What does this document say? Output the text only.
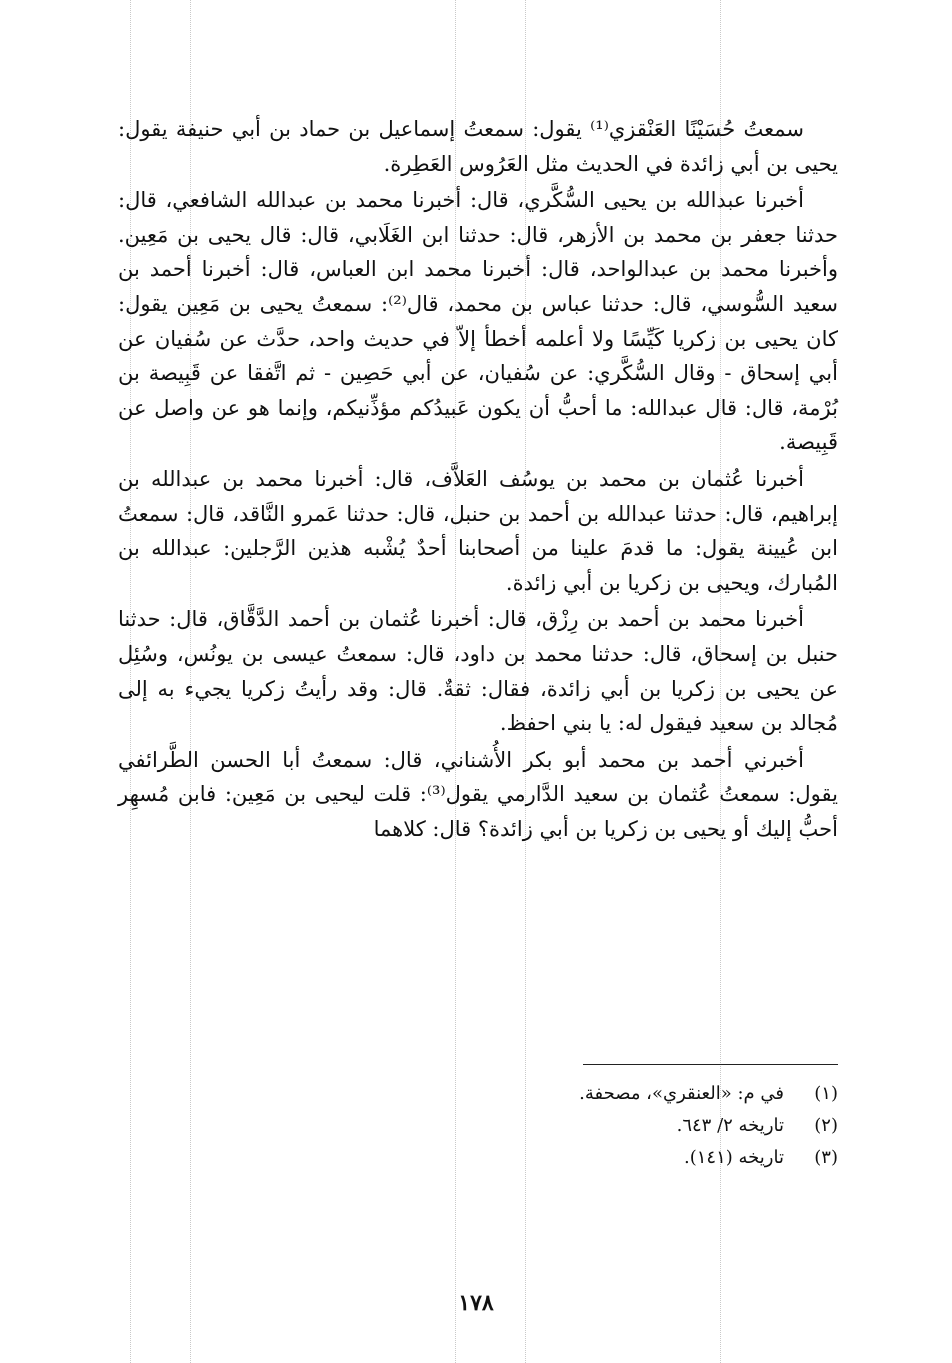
سمعتُ حُسَيْنًا العَنْقزي⁽¹⁾ يقول: سمعتُ إسماعيل بن حماد بن أبي حنيفة يقول: يحيى بن أبي زائدة في الحديث مثل العَرُوس العَطِرة.

أخبرنا عبدالله بن يحيى السُّكَّري، قال: أخبرنا محمد بن عبدالله الشافعي، قال: حدثنا جعفر بن محمد بن الأزهر، قال: حدثنا ابن الغَلَابي، قال: قال يحيى بن مَعِين. وأخبرنا محمد بن عبدالواحد، قال: أخبرنا محمد ابن العباس، قال: أخبرنا أحمد بن سعيد السُّوسي، قال: حدثنا عباس بن محمد، قال⁽²⁾: سمعتُ يحيى بن مَعِين يقول: كان يحيى بن زكريا كَيِّسًا ولا أعلمه أخطأ إلاّ في حديث واحد، حدَّث عن سُفيان عن أبي إسحاق - وقال السُّكَّري: عن سُفيان، عن أبي حَصِين - ثم اتَّفقا عن قَبِيصة بن بُرْمة، قال: قال عبدالله: ما أحبُّ أن يكون عَبيدُكم مؤذِّنيكم، وإنما هو عن واصل عن قَبِيصة.

أخبرنا عُثمان بن محمد بن يوسُف العَلاَّف، قال: أخبرنا محمد بن عبدالله بن إبراهيم، قال: حدثنا عبدالله بن أحمد بن حنبل، قال: حدثنا عَمرو النَّاقد، قال: سمعتُ ابن عُيينة يقول: ما قدمَ علينا من أصحابنا أحدٌ يُشْبه هذين الرَّجلين: عبدالله بن المُبارك، ويحيى بن زكريا بن أبي زائدة.

أخبرنا محمد بن أحمد بن رِزْق، قال: أخبرنا عُثمان بن أحمد الدَّقَّاق، قال: حدثنا حنبل بن إسحاق، قال: حدثنا محمد بن داود، قال: سمعتُ عيسى بن يونُس، وسُئِل عن يحيى بن زكريا بن أبي زائدة، فقال: ثقةٌ. قال: وقد رأيتُ زكريا يجيء به إلى مُجالد بن سعيد فيقول له: يا بني احفظ.

أخبرني أحمد بن محمد أبو بكر الأُشناني، قال: سمعتُ أبا الحسن الطَّرائفي يقول: سمعتُ عُثمان بن سعيد الدَّارمي يقول⁽³⁾: قلت ليحيى بن مَعِين: فابن مُسهِر أحبُّ إليك أو يحيى بن زكريا بن أبي زائدة؟ قال: كلاهما

(١)في م: «العنقري»، مصحفة.
(٢)تاريخه ٢/ ٦٤٣.
(٣)تاريخه (١٤١).
١٧٨
